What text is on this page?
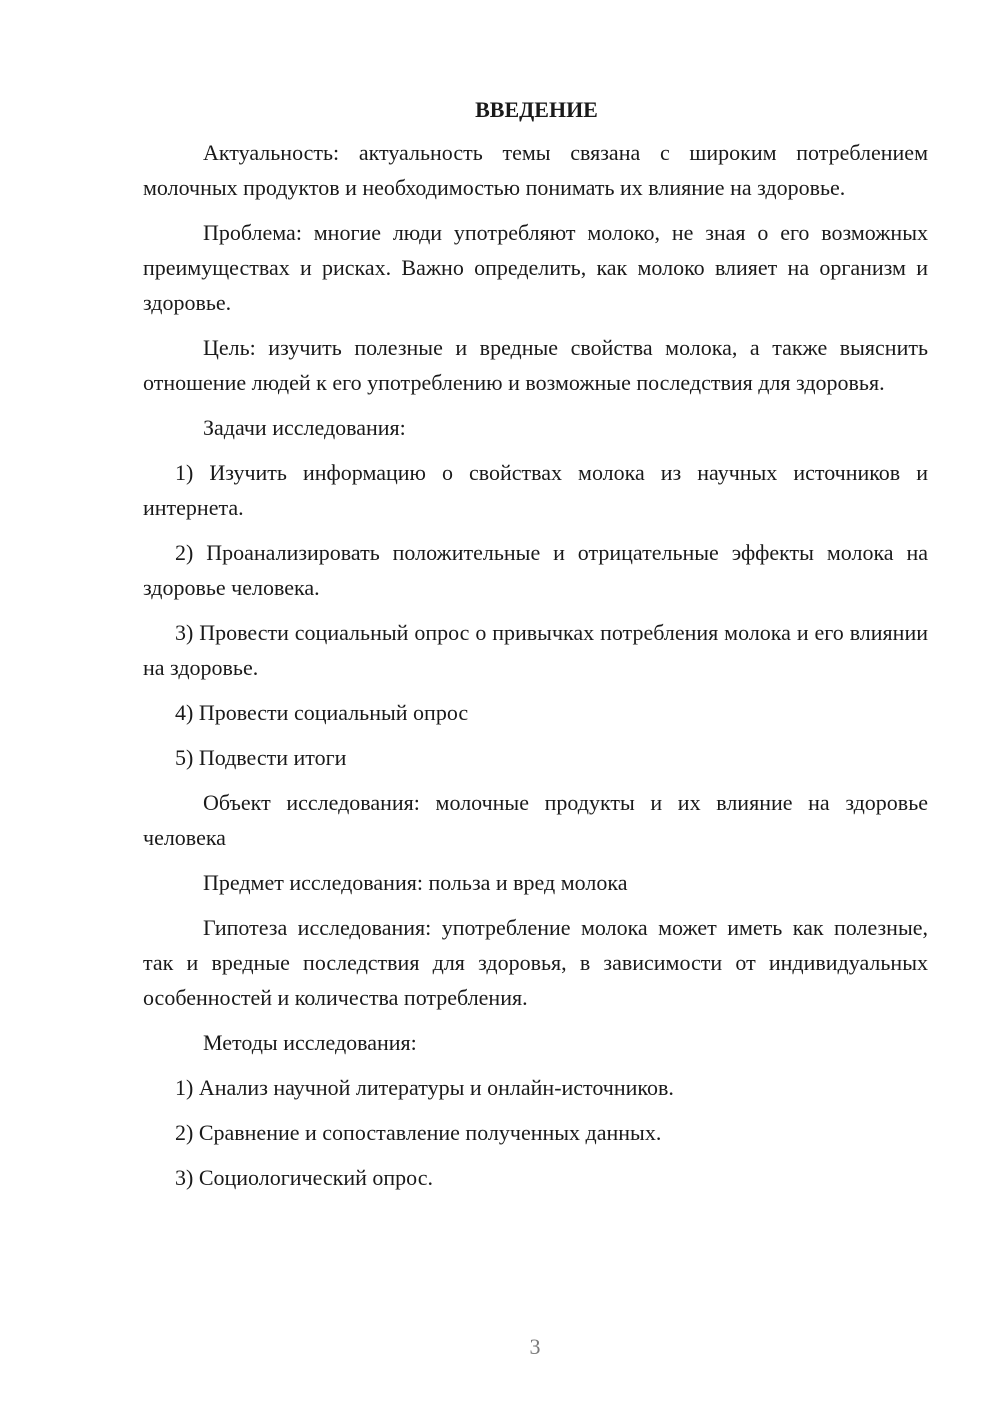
ВВЕДЕНИЕ

Актуальность: актуальность темы связана с широким потреблением молочных продуктов и необходимостью понимать их влияние на здоровье.

Проблема: многие люди употребляют молоко, не зная о его возможных преимуществах и рисках. Важно определить, как молоко влияет на организм и здоровье.

Цель: изучить полезные и вредные свойства молока, а также выяснить отношение людей к его употреблению и возможные последствия для здоровья.

Задачи исследования:

1) Изучить информацию о свойствах молока из научных источников и интернета.

2) Проанализировать положительные и отрицательные эффекты молока на здоровье человека.

3) Провести социальный опрос о привычках потребления молока и его влиянии на здоровье.

4) Провести социальный опрос

5) Подвести итоги

Объект исследования: молочные продукты и их влияние на здоровье человека

Предмет исследования: польза и вред молока

Гипотеза исследования: употребление молока может иметь как полезные, так и вредные последствия для здоровья, в зависимости от индивидуальных особенностей и количества потребления.

Методы исследования:

1) Анализ научной литературы и онлайн-источников.

2) Сравнение и сопоставление полученных данных.

3) Социологический опрос.

3
